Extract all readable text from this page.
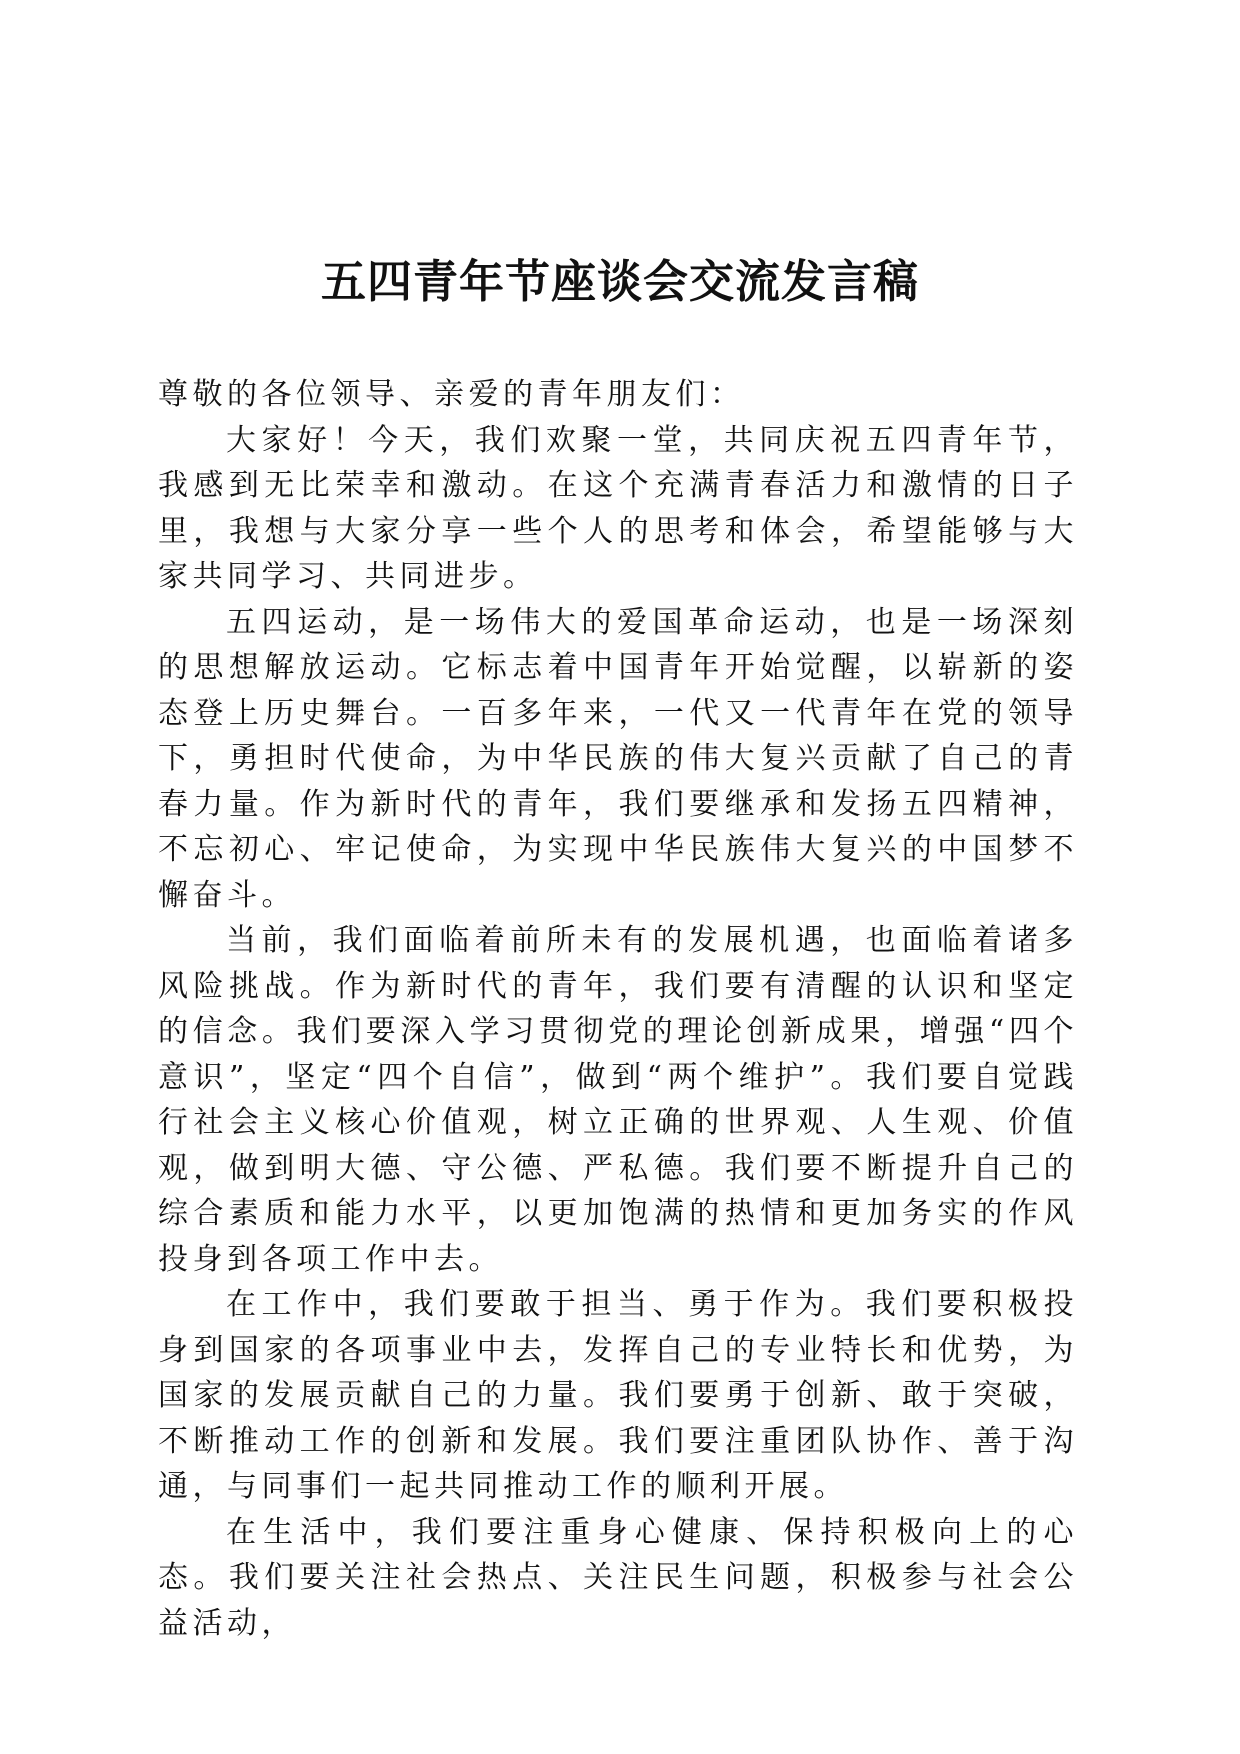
五四青年节座谈会交流发言稿

尊敬的各位领导、亲爱的青年朋友们：

大家好！今天，我们欢聚一堂，共同庆祝五四青年节，我感到无比荣幸和激动。在这个充满青春活力和激情的日子里，我想与大家分享一些个人的思考和体会，希望能够与大家共同学习、共同进步。

五四运动，是一场伟大的爱国革命运动，也是一场深刻的思想解放运动。它标志着中国青年开始觉醒，以崭新的姿态登上历史舞台。一百多年来，一代又一代青年在党的领导下，勇担时代使命，为中华民族的伟大复兴贡献了自己的青春力量。作为新时代的青年，我们要继承和发扬五四精神，不忘初心、牢记使命，为实现中华民族伟大复兴的中国梦不懈奋斗。

当前，我们面临着前所未有的发展机遇，也面临着诸多风险挑战。作为新时代的青年，我们要有清醒的认识和坚定的信念。我们要深入学习贯彻党的理论创新成果，增强“四个意识”，坚定“四个自信”，做到“两个维护”。我们要自觉践行社会主义核心价值观，树立正确的世界观、人生观、价值观，做到明大德、守公德、严私德。我们要不断提升自己的综合素质和能力水平，以更加饱满的热情和更加务实的作风投身到各项工作中去。

在工作中，我们要敢于担当、勇于作为。我们要积极投身到国家的各项事业中去，发挥自己的专业特长和优势，为国家的发展贡献自己的力量。我们要勇于创新、敢于突破，不断推动工作的创新和发展。我们要注重团队协作、善于沟通，与同事们一起共同推动工作的顺利开展。

在生活中，我们要注重身心健康、保持积极向上的心态。我们要关注社会热点、关注民生问题，积极参与社会公益活动，
